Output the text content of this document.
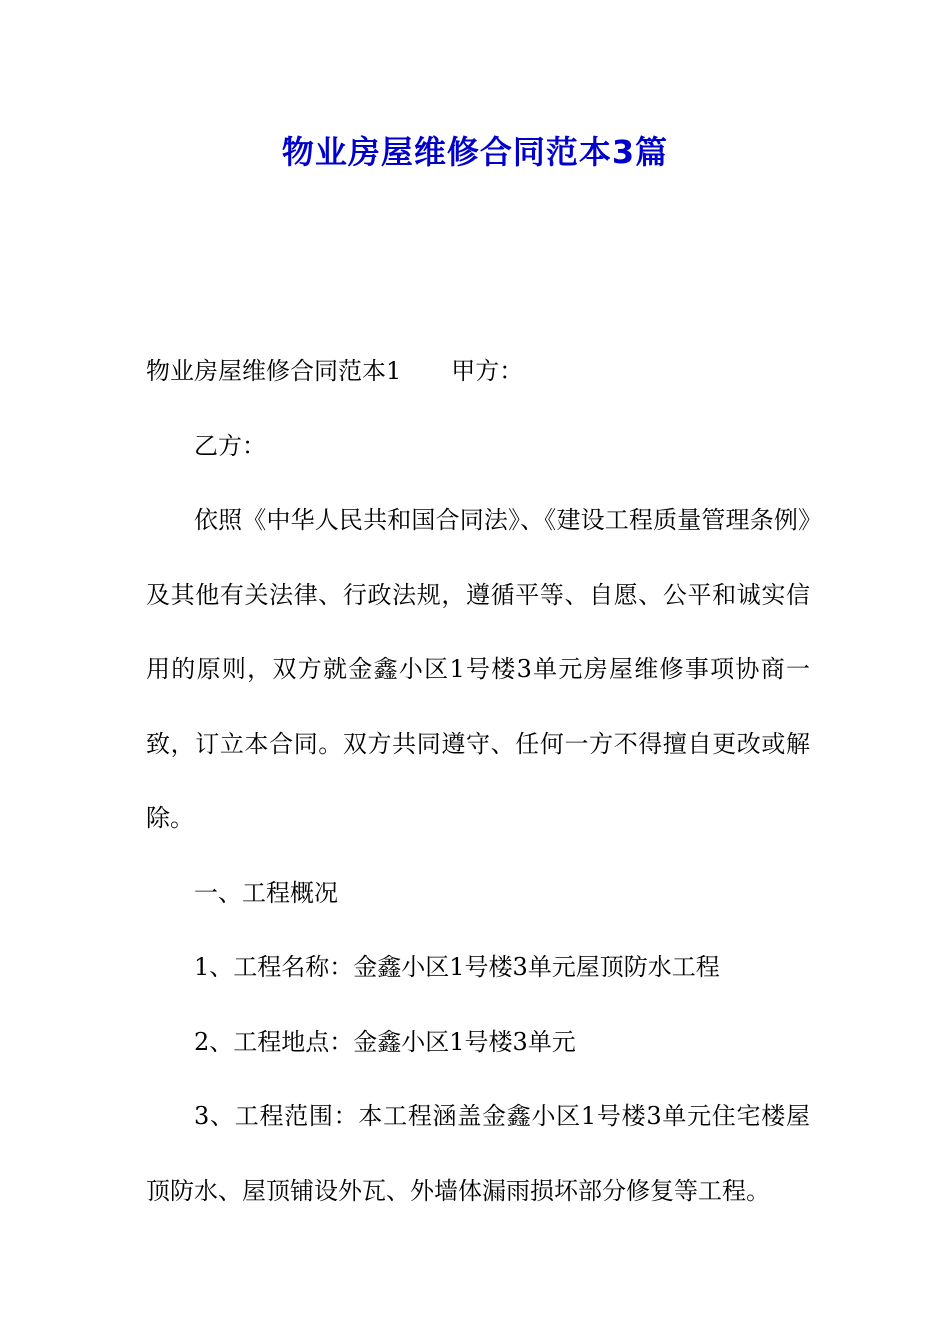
物业房屋维修合同范本3篇

物业房屋维修合同范本1 甲方：

乙方：

依照《中华人民共和国合同法》、《建设工程质量管理条例》及其他有关法律、行政法规，遵循平等、自愿、公平和诚实信用的原则，双方就金鑫小区1号楼3单元房屋维修事项协商一致，订立本合同。双方共同遵守、任何一方不得擅自更改或解除。

一、工程概况

1、工程名称：金鑫小区1号楼3单元屋顶防水工程

2、工程地点：金鑫小区1号楼3单元

3、工程范围：本工程涵盖金鑫小区1号楼3单元住宅楼屋顶防水、屋顶铺设外瓦、外墙体漏雨损坏部分修复等工程。
